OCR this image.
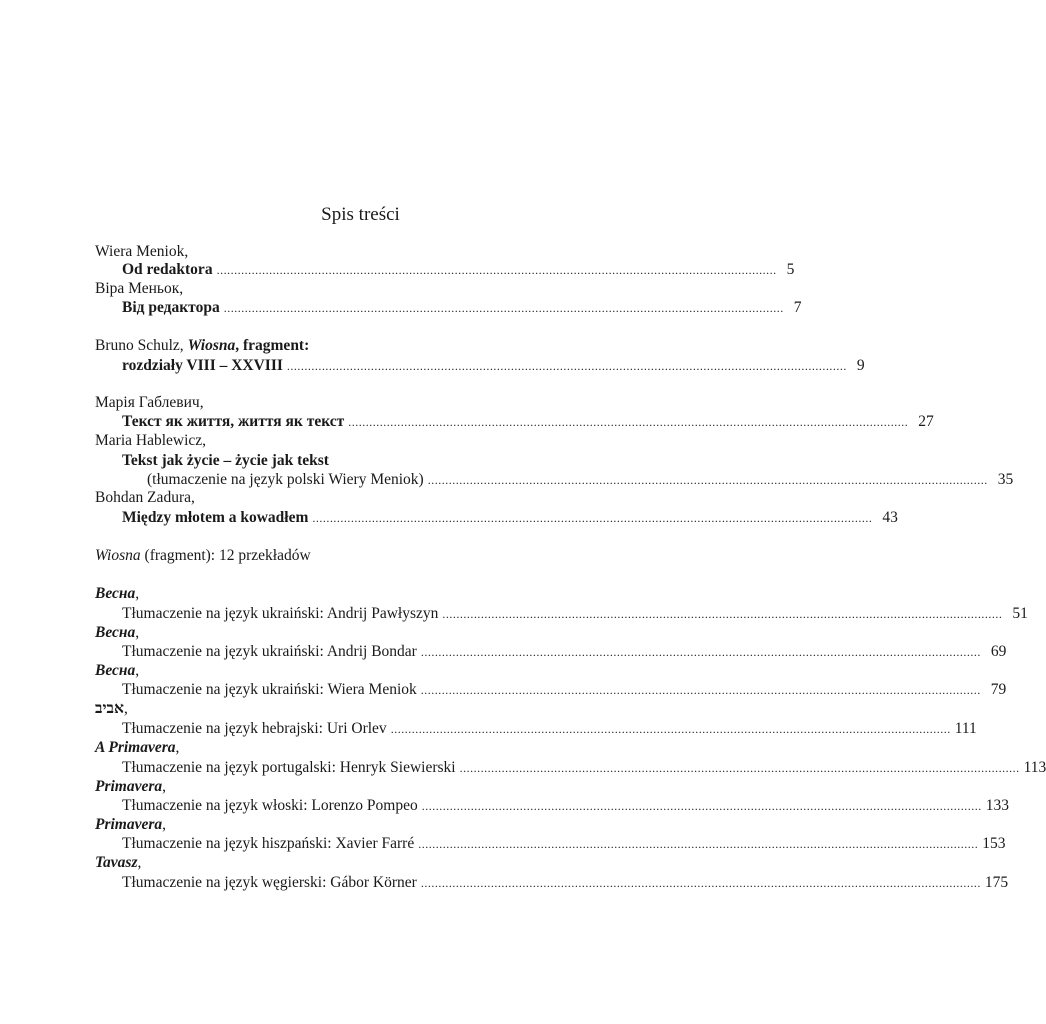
Spis treści
Wiera Meniok,
Od redaktora ................................................................................................................................................................ 5
Віра Меньок,
Від редактора ................................................................................................................................................................ 7
Bruno Schulz, Wiosna, fragment:
rozdziały VIII – XXVIII ................................................................................................................................................................ 9
Марія Габлевич,
Текст як життя, життя як текст ................................................................................................................................................................ 27
Maria Hablewicz,
Tekst jak życie – życie jak tekst
(tłumaczenie na język polski Wiery Meniok) ................................................................................................................................................................ 35
Bohdan Zadura,
Między młotem a kowadłem ................................................................................................................................................................ 43
Wiosna (fragment): 12 przekładów
Весна,
Tłumaczenie na język ukraiński: Andrij Pawłyszyn ................................................................................................................................................................ 51
Весна,
Tłumaczenie na język ukraiński: Andrij Bondar ................................................................................................................................................................ 69
Весна,
Tłumaczenie na język ukraiński: Wiera Meniok ................................................................................................................................................................ 79
אביב,
Tłumaczenie na język hebrajski: Uri Orlev ................................................................................................................................................................ 111
A Primavera,
Tłumaczenie na język portugalski: Henryk Siewierski ................................................................................................................................................................ 113
Primavera,
Tłumaczenie na język włoski: Lorenzo Pompeo ................................................................................................................................................................ 133
Primavera,
Tłumaczenie na język hiszpański: Xavier Farré ................................................................................................................................................................ 153
Tavasz,
Tłumaczenie na język węgierski: Gábor Körner ................................................................................................................................................................ 175
